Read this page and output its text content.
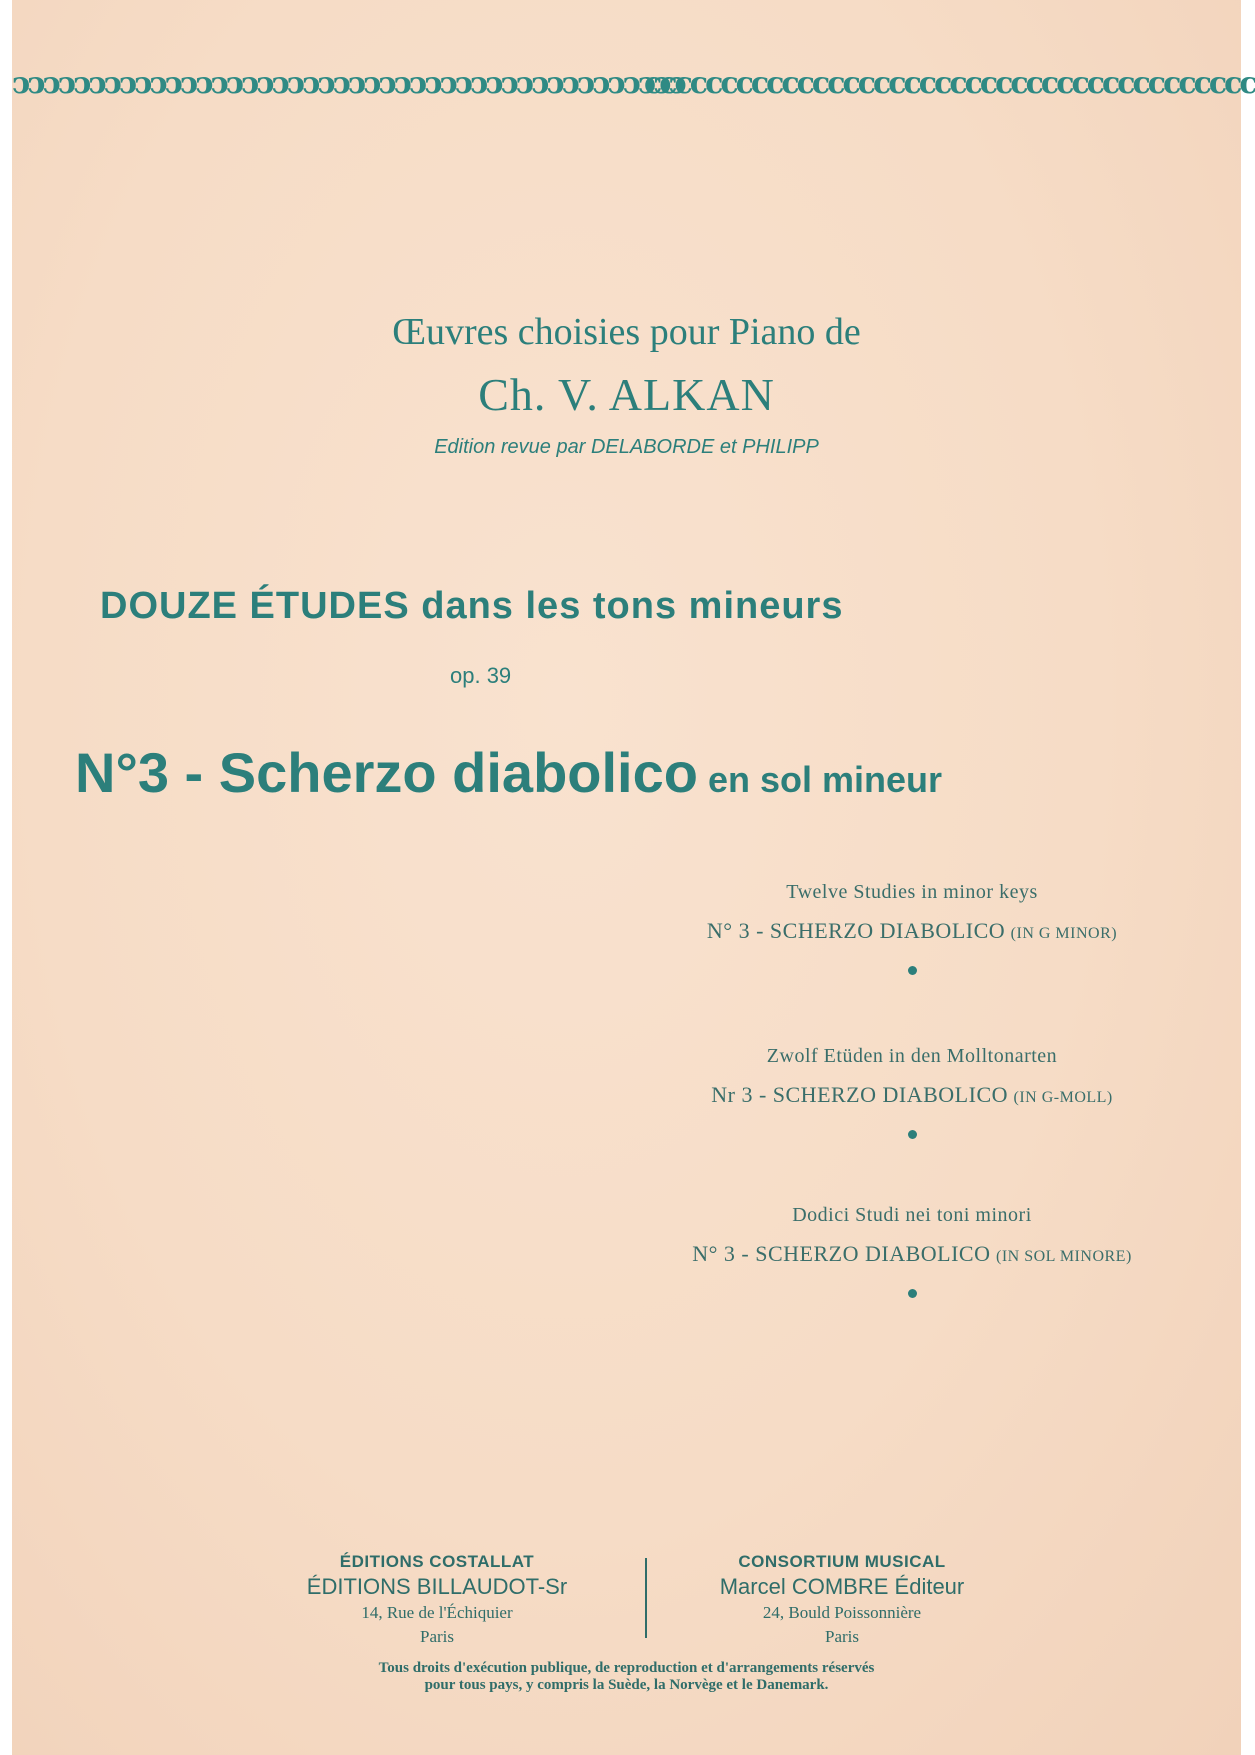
ↄↄↄↄↄↄↄↄↄↄↄↄↄↄↄↄↄↄↄↄↄↄↄↄↄↄↄↄↄↄↄↄↄↄↄↄↄↄↄↄↄↄↄↄ
cccccccccccccccccccccccccccccccccccccccc
Œuvres choisies pour Piano de
Ch. V. ALKAN
Edition revue par DELABORDE et PHILIPP
DOUZE ÉTUDES dans les tons mineurs
op. 39
N°3 - Scherzo diabolico en sol mineur
Twelve Studies in minor keys
N° 3 - SCHERZO DIABOLICO (IN G MINOR)
Zwolf Etüden in den Molltonarten
Nr 3 - SCHERZO DIABOLICO (IN G-MOLL)
Dodici Studi nei toni minori
N° 3 - SCHERZO DIABOLICO (IN SOL MINORE)
ÉDITIONS COSTALLAT
ÉDITIONS BILLAUDOT-Sr
14, Rue de l'Échiquier
Paris
CONSORTIUM MUSICAL
Marcel COMBRE Éditeur
24, Bould Poissonnière
Paris
Tous droits d'exécution publique, de reproduction et d'arrangements réservés
pour tous pays, y compris la Suède, la Norvège et le Danemark.
